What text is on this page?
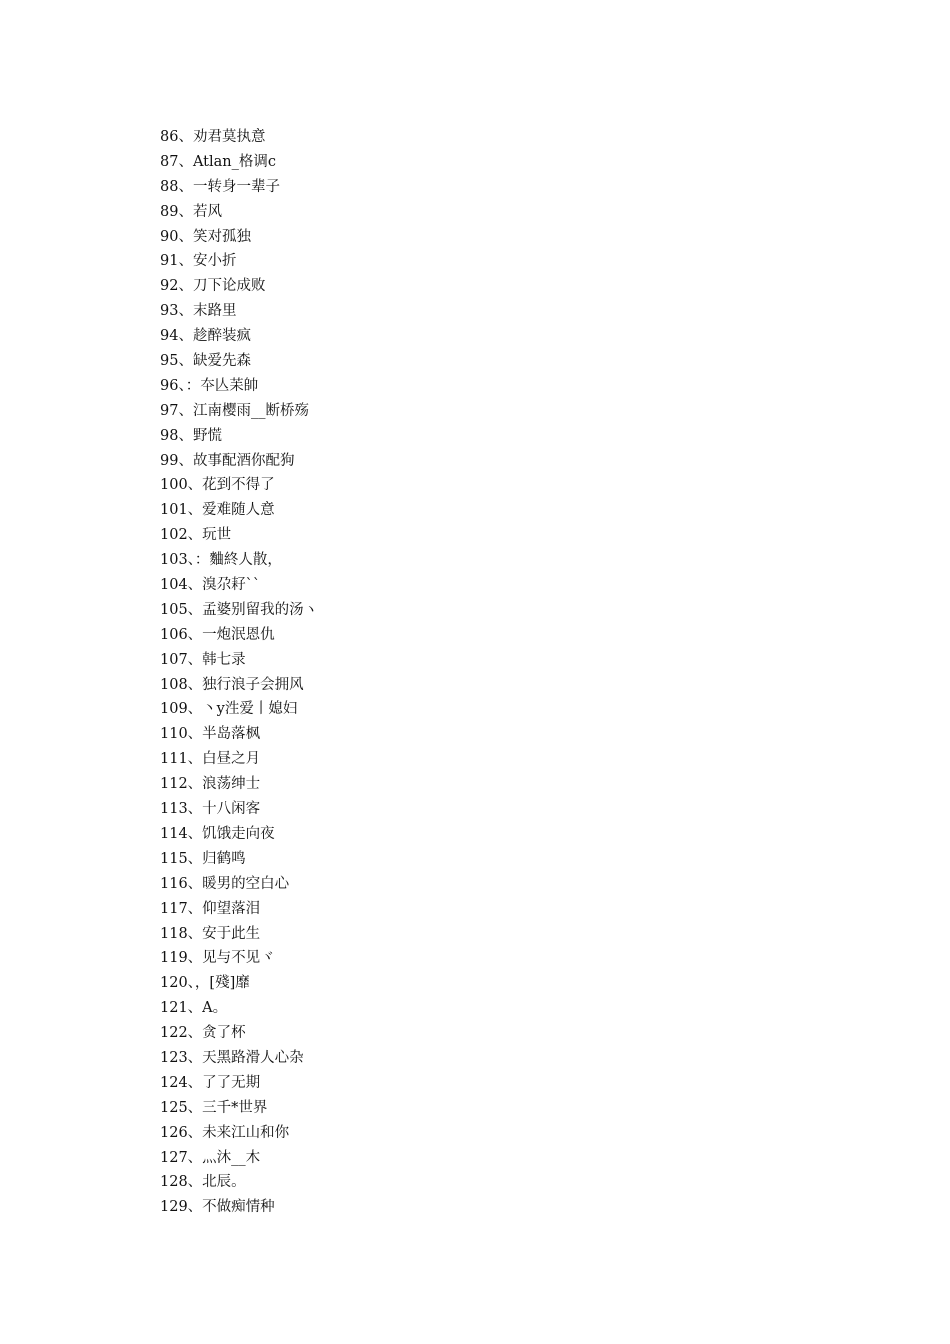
86、劝君莫执意
87、Atlan_格调c
88、一转身一辈子
89、若风
90、笑对孤独
91、安小折
92、刀下论成败
93、末路里
94、趁醉装疯
95、缺爱先森
96、：夲亾苿帥
97、江南樱雨__断桥殇
98、野慌
99、故事配酒你配狗
100、花到不得了
101、爱难随人意
102、玩世
103、：麯終人散，
104、溴尕耔``
105、孟婆别留我的汤ヽ
106、一炮泯恩仇
107、韩七录
108、独行浪子会拥风
109、丶y泩爱丨媳妇
110、半岛落枫
111、白昼之月
112、浪荡绅士
113、十八闲客
114、饥饿走向夜
115、归鹤鸣
116、暖男的空白心
117、仰望落泪
118、安于此生
119、见与不见ヾ
120、，[殘]靡
121、A。
122、贪了杯
123、天黑路滑人心杂
124、了了无期
125、三千*世界
126、未来江山和你
127、灬沐__木
128、北辰。
129、不做痴情种
